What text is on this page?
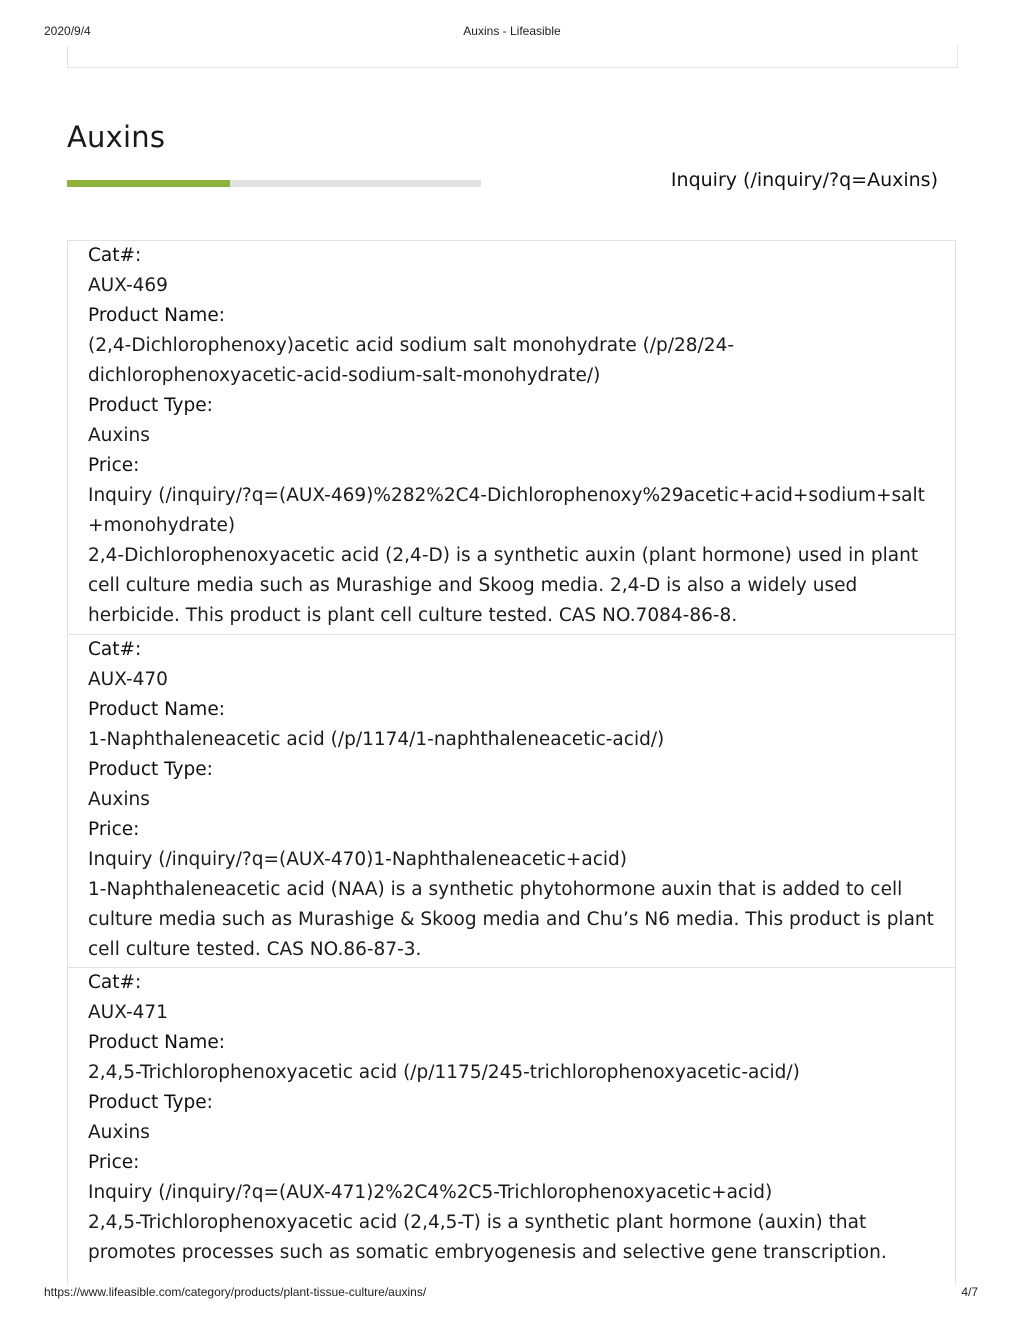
2020/9/4	Auxins - Lifeasible
Auxins
Inquiry (/inquiry/?q=Auxins)
Cat#:
AUX-469
Product Name:
(2,4-Dichlorophenoxy)acetic acid sodium salt monohydrate (/p/28/24-dichlorophenoxyacetic-acid-sodium-salt-monohydrate/)
Product Type:
Auxins
Price:
Inquiry (/inquiry/?q=(AUX-469)%282%2C4-Dichlorophenoxy%29acetic+acid+sodium+salt+monohydrate)
2,4-Dichlorophenoxyacetic acid (2,4-D) is a synthetic auxin (plant hormone) used in plant cell culture media such as Murashige and Skoog media. 2,4-D is also a widely used herbicide. This product is plant cell culture tested. CAS NO.7084-86-8.
Cat#:
AUX-470
Product Name:
1-Naphthaleneacetic acid (/p/1174/1-naphthaleneacetic-acid/)
Product Type:
Auxins
Price:
Inquiry (/inquiry/?q=(AUX-470)1-Naphthaleneacetic+acid)
1-Naphthaleneacetic acid (NAA) is a synthetic phytohormone auxin that is added to cell culture media such as Murashige & Skoog media and Chu’s N6 media. This product is plant cell culture tested. CAS NO.86-87-3.
Cat#:
AUX-471
Product Name:
2,4,5-Trichlorophenoxyacetic acid (/p/1175/245-trichlorophenoxyacetic-acid/)
Product Type:
Auxins
Price:
Inquiry (/inquiry/?q=(AUX-471)2%2C4%2C5-Trichlorophenoxyacetic+acid)
2,4,5-Trichlorophenoxyacetic acid (2,4,5-T) is a synthetic plant hormone (auxin) that promotes processes such as somatic embryogenesis and selective gene transcription.
https://www.lifeasible.com/category/products/plant-tissue-culture/auxins/	4/7
